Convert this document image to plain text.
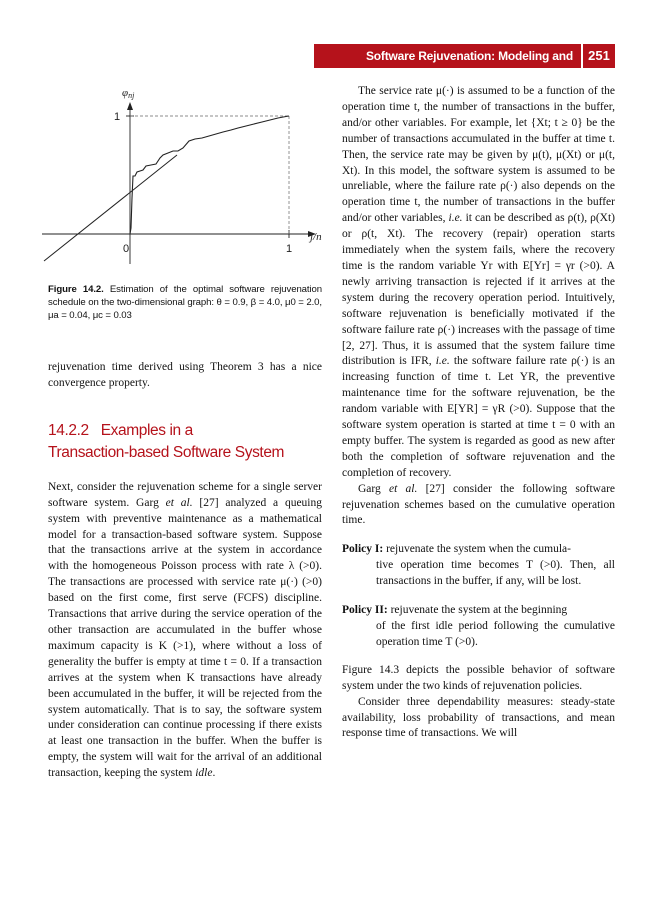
Software Rejuvenation: Modeling and Applications
251
φnj
1
0	1
j/n
Figure 14.2. Estimation of the optimal software rejuvenation schedule on the two-dimensional graph: θ = 0.9, β = 4.0, μ0 = 2.0, μa = 0.04, μc = 0.03

rejuvenation time derived using Theorem 3 has a nice convergence property.

14.2.2 Examples in a
Transaction-based Software System

Next, consider the rejuvenation scheme for a single server software system. Garg et al. [27] analyzed a queuing system with preventive maintenance as a mathematical model for a transaction-based software system. Suppose that the transactions arrive at the system in accordance with the homogeneous Poisson process with rate λ (>0). The transactions are processed with service rate μ(·) (>0) based on the first come, first serve (FCFS) discipline. Transactions that arrive during the service operation of the other transaction are accumulated in the buffer whose maximum capacity is K (>1), where without a loss of generality the buffer is empty at time t = 0. If a transaction arrives at the system when K transactions have already been accumulated in the buffer, it will be rejected from the system automatically. That is to say, the software system under consideration can continue processing if there exists at least one transaction in the buffer. When the buffer is empty, the system will wait for the arrival of an additional transaction, keeping the system idle.

The service rate μ(·) is assumed to be a function of the operation time t, the number of transactions in the buffer, and/or other variables. For example, let {Xt; t ≥ 0} be the number of transactions accumulated in the buffer at time t. Then, the service rate may be given by μ(t), μ(Xt) or μ(t, Xt). In this model, the software system is assumed to be unreliable, where the failure rate ρ(·) also depends on the operation time t, the number of transactions in the buffer and/or other variables, i.e. it can be described as ρ(t), ρ(Xt) or ρ(t, Xt). The recovery (repair) operation starts immediately when the system fails, where the recovery time is the random variable Yr with E[Yr] = γr (>0). A newly arriving transaction is rejected if it arrives at the system during the recovery operation period. Intuitively, software rejuvenation is beneficially motivated if the software failure rate ρ(·) increases with the passage of time [2, 27]. Thus, it is assumed that the system failure time distribution is IFR, i.e. the software failure rate ρ(·) is an increasing function of time t. Let YR, the preventive maintenance time for the software rejuvenation, be the random variable with E[YR] = γR (>0). Suppose that the software system operation is started at time t = 0 with an empty buffer. The system is regarded as good as new after both the completion of software rejuvenation and the completion of recovery.

Garg et al. [27] consider the following software rejuvenation schemes based on the cumulative operation time.

Policy I: rejuvenate the system when the cumula-
tive operation time becomes T (>0). Then, all transactions in the buffer, if any, will be lost.
Policy II: rejuvenate the system at the beginning
of the first idle period following the cumulative operation time T (>0).

Figure 14.3 depicts the possible behavior of software system under the two kinds of rejuvenation policies.

Consider three dependability measures: steady-state availability, loss probability of transactions, and mean response time of transactions. We will
